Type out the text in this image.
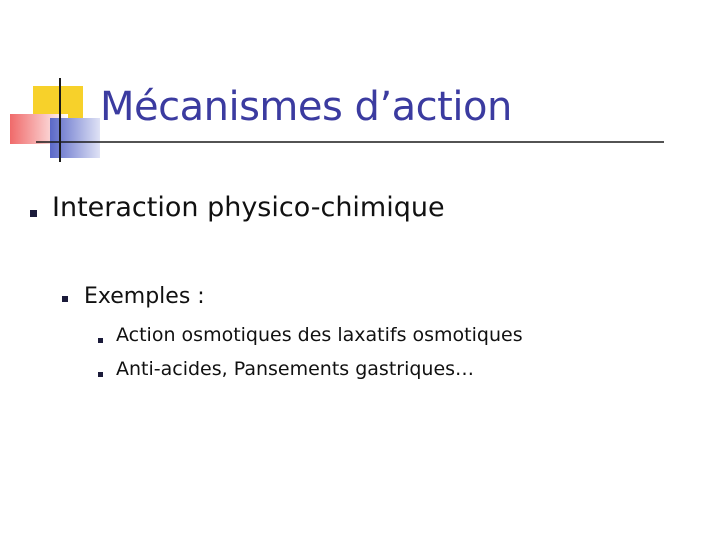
Mécanismes d’action
Interaction physico-chimique
Exemples :
Action osmotiques des laxatifs osmotiques
Anti-acides, Pansements gastriques…
